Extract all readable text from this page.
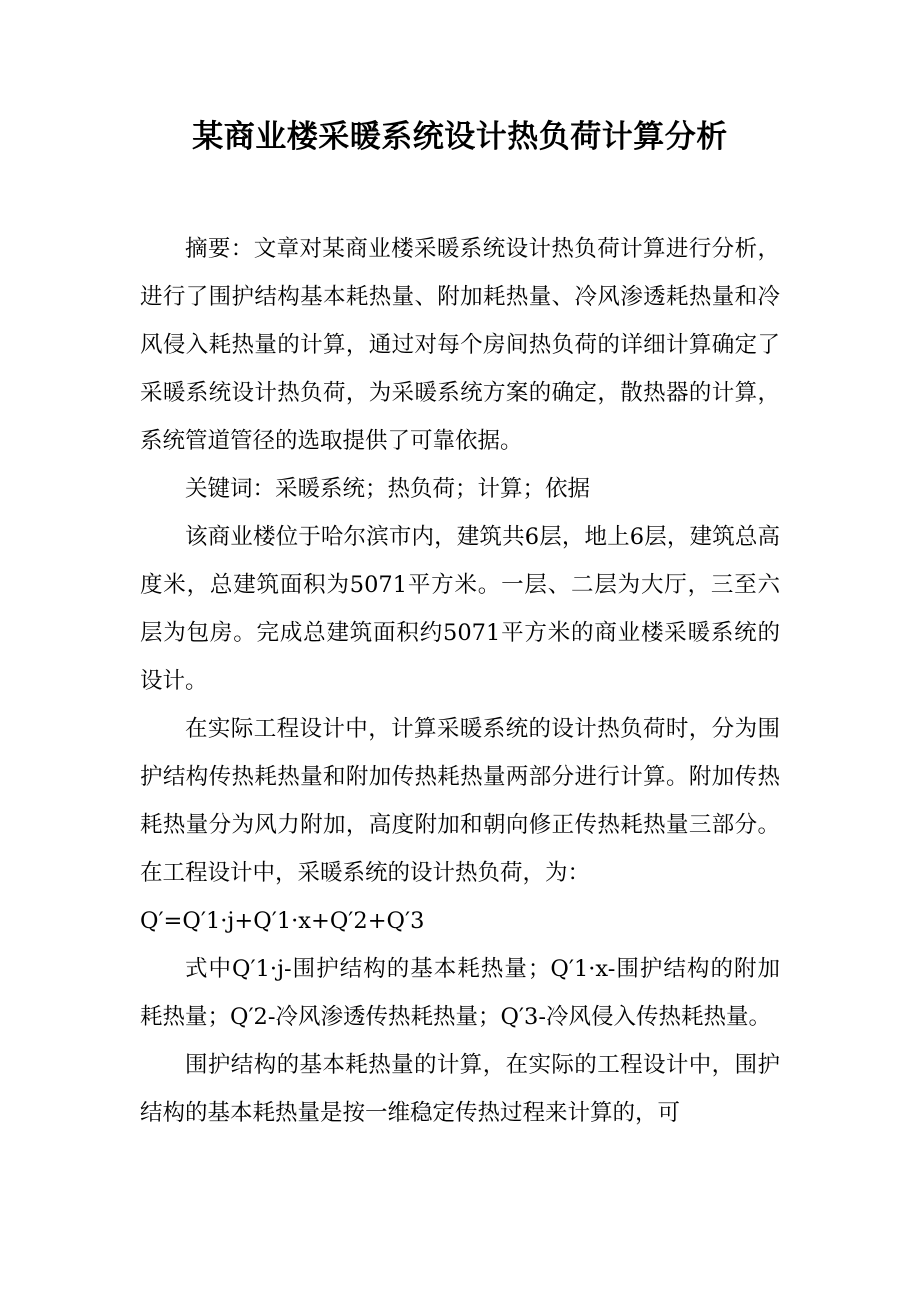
某商业楼采暖系统设计热负荷计算分析

摘要：文章对某商业楼采暖系统设计热负荷计算进行分析，进行了围护结构基本耗热量、附加耗热量、冷风渗透耗热量和冷风侵入耗热量的计算，通过对每个房间热负荷的详细计算确定了采暖系统设计热负荷，为采暖系统方案的确定，散热器的计算，系统管道管径的选取提供了可靠依据。

关键词：采暖系统；热负荷；计算；依据

该商业楼位于哈尔滨市内，建筑共6层，地上6层，建筑总高度米，总建筑面积为5071平方米。一层、二层为大厅，三至六层为包房。完成总建筑面积约5071平方米的商业楼采暖系统的设计。

在实际工程设计中，计算采暖系统的设计热负荷时，分为围护结构传热耗热量和附加传热耗热量两部分进行计算。附加传热耗热量分为风力附加，高度附加和朝向修正传热耗热量三部分。在工程设计中，采暖系统的设计热负荷，为：

Q′=Q′1·j+Q′1·x+Q′2+Q′3

式中Q′1·j-围护结构的基本耗热量；Q′1·x-围护结构的附加耗热量；Q′2-冷风渗透传热耗热量；Q′3-冷风侵入传热耗热量。

围护结构的基本耗热量的计算，在实际的工程设计中，围护结构的基本耗热量是按一维稳定传热过程来计算的，可
